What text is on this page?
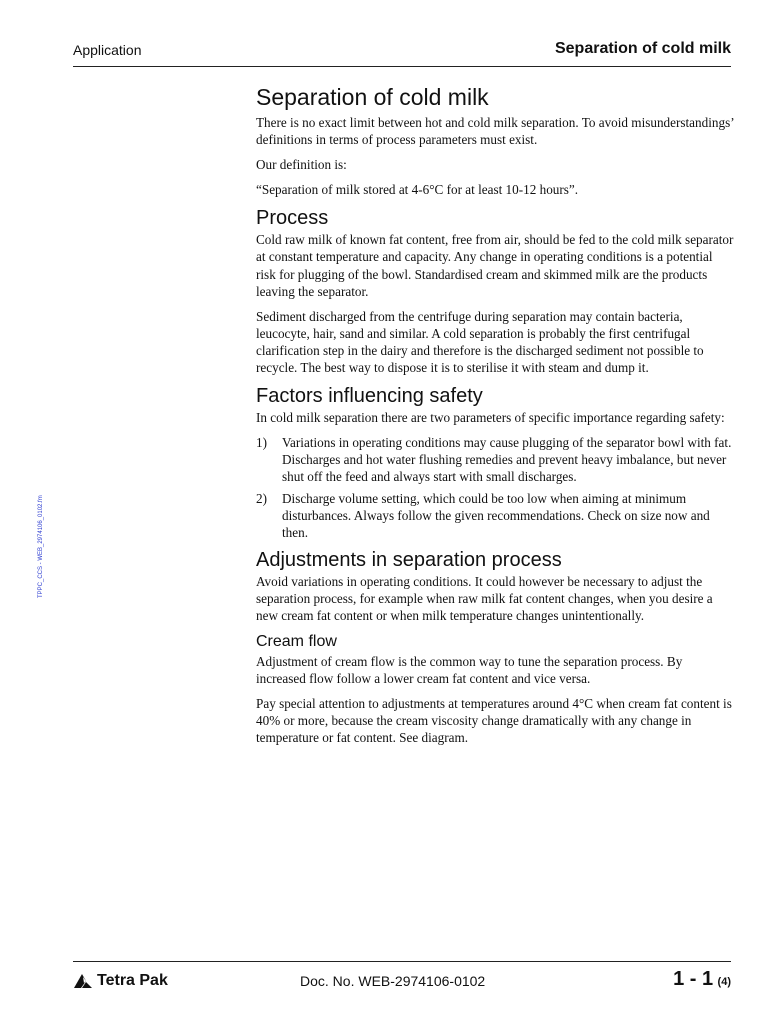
Application	Separation of cold milk
TPPC_CCS - WEB_2974106_0102.fm
Separation of cold milk

There is no exact limit between hot and cold milk separation. To avoid misunderstandings’ definitions in terms of process parameters must exist.

Our definition is:

“Separation of milk stored at 4-6°C for at least 10-12 hours”.

Process

Cold raw milk of known fat content, free from air, should be fed to the cold milk separator at constant temperature and capacity. Any change in operating conditions is a potential risk for plugging of the bowl. Standardised cream and skimmed milk are the products leaving the separator.

Sediment discharged from the centrifuge during separation may contain bacteria, leucocyte, hair, sand and similar. A cold separation is probably the first centrifugal clarification step in the dairy and therefore is the discharged sediment not possible to recycle. The best way to dispose it is to sterilise it with steam and dump it.

Factors influencing safety

In cold milk separation there are two parameters of specific importance regarding safety:

1) Variations in operating conditions may cause plugging of the separator bowl with fat. Discharges and hot water flushing remedies and prevent heavy imbalance, but never shut off the feed and always start with small discharges.
2) Discharge volume setting, which could be too low when aiming at minimum disturbances. Always follow the given recommendations. Check on size now and then.
Adjustments in separation process

Avoid variations in operating conditions. It could however be necessary to adjust the separation process, for example when raw milk fat content changes, when you desire a new cream fat content or when milk temperature changes unintentionally.

Cream flow

Adjustment of cream flow is the common way to tune the separation process. By increased flow follow a lower cream fat content and vice versa.

Pay special attention to adjustments at temperatures around 4°C when cream fat content is 40% or more, because the cream viscosity change dramatically with any change in temperature or fat content. See diagram.

Tetra Pak	Doc. No. WEB-2974106-0102	1 - 1 (4)
